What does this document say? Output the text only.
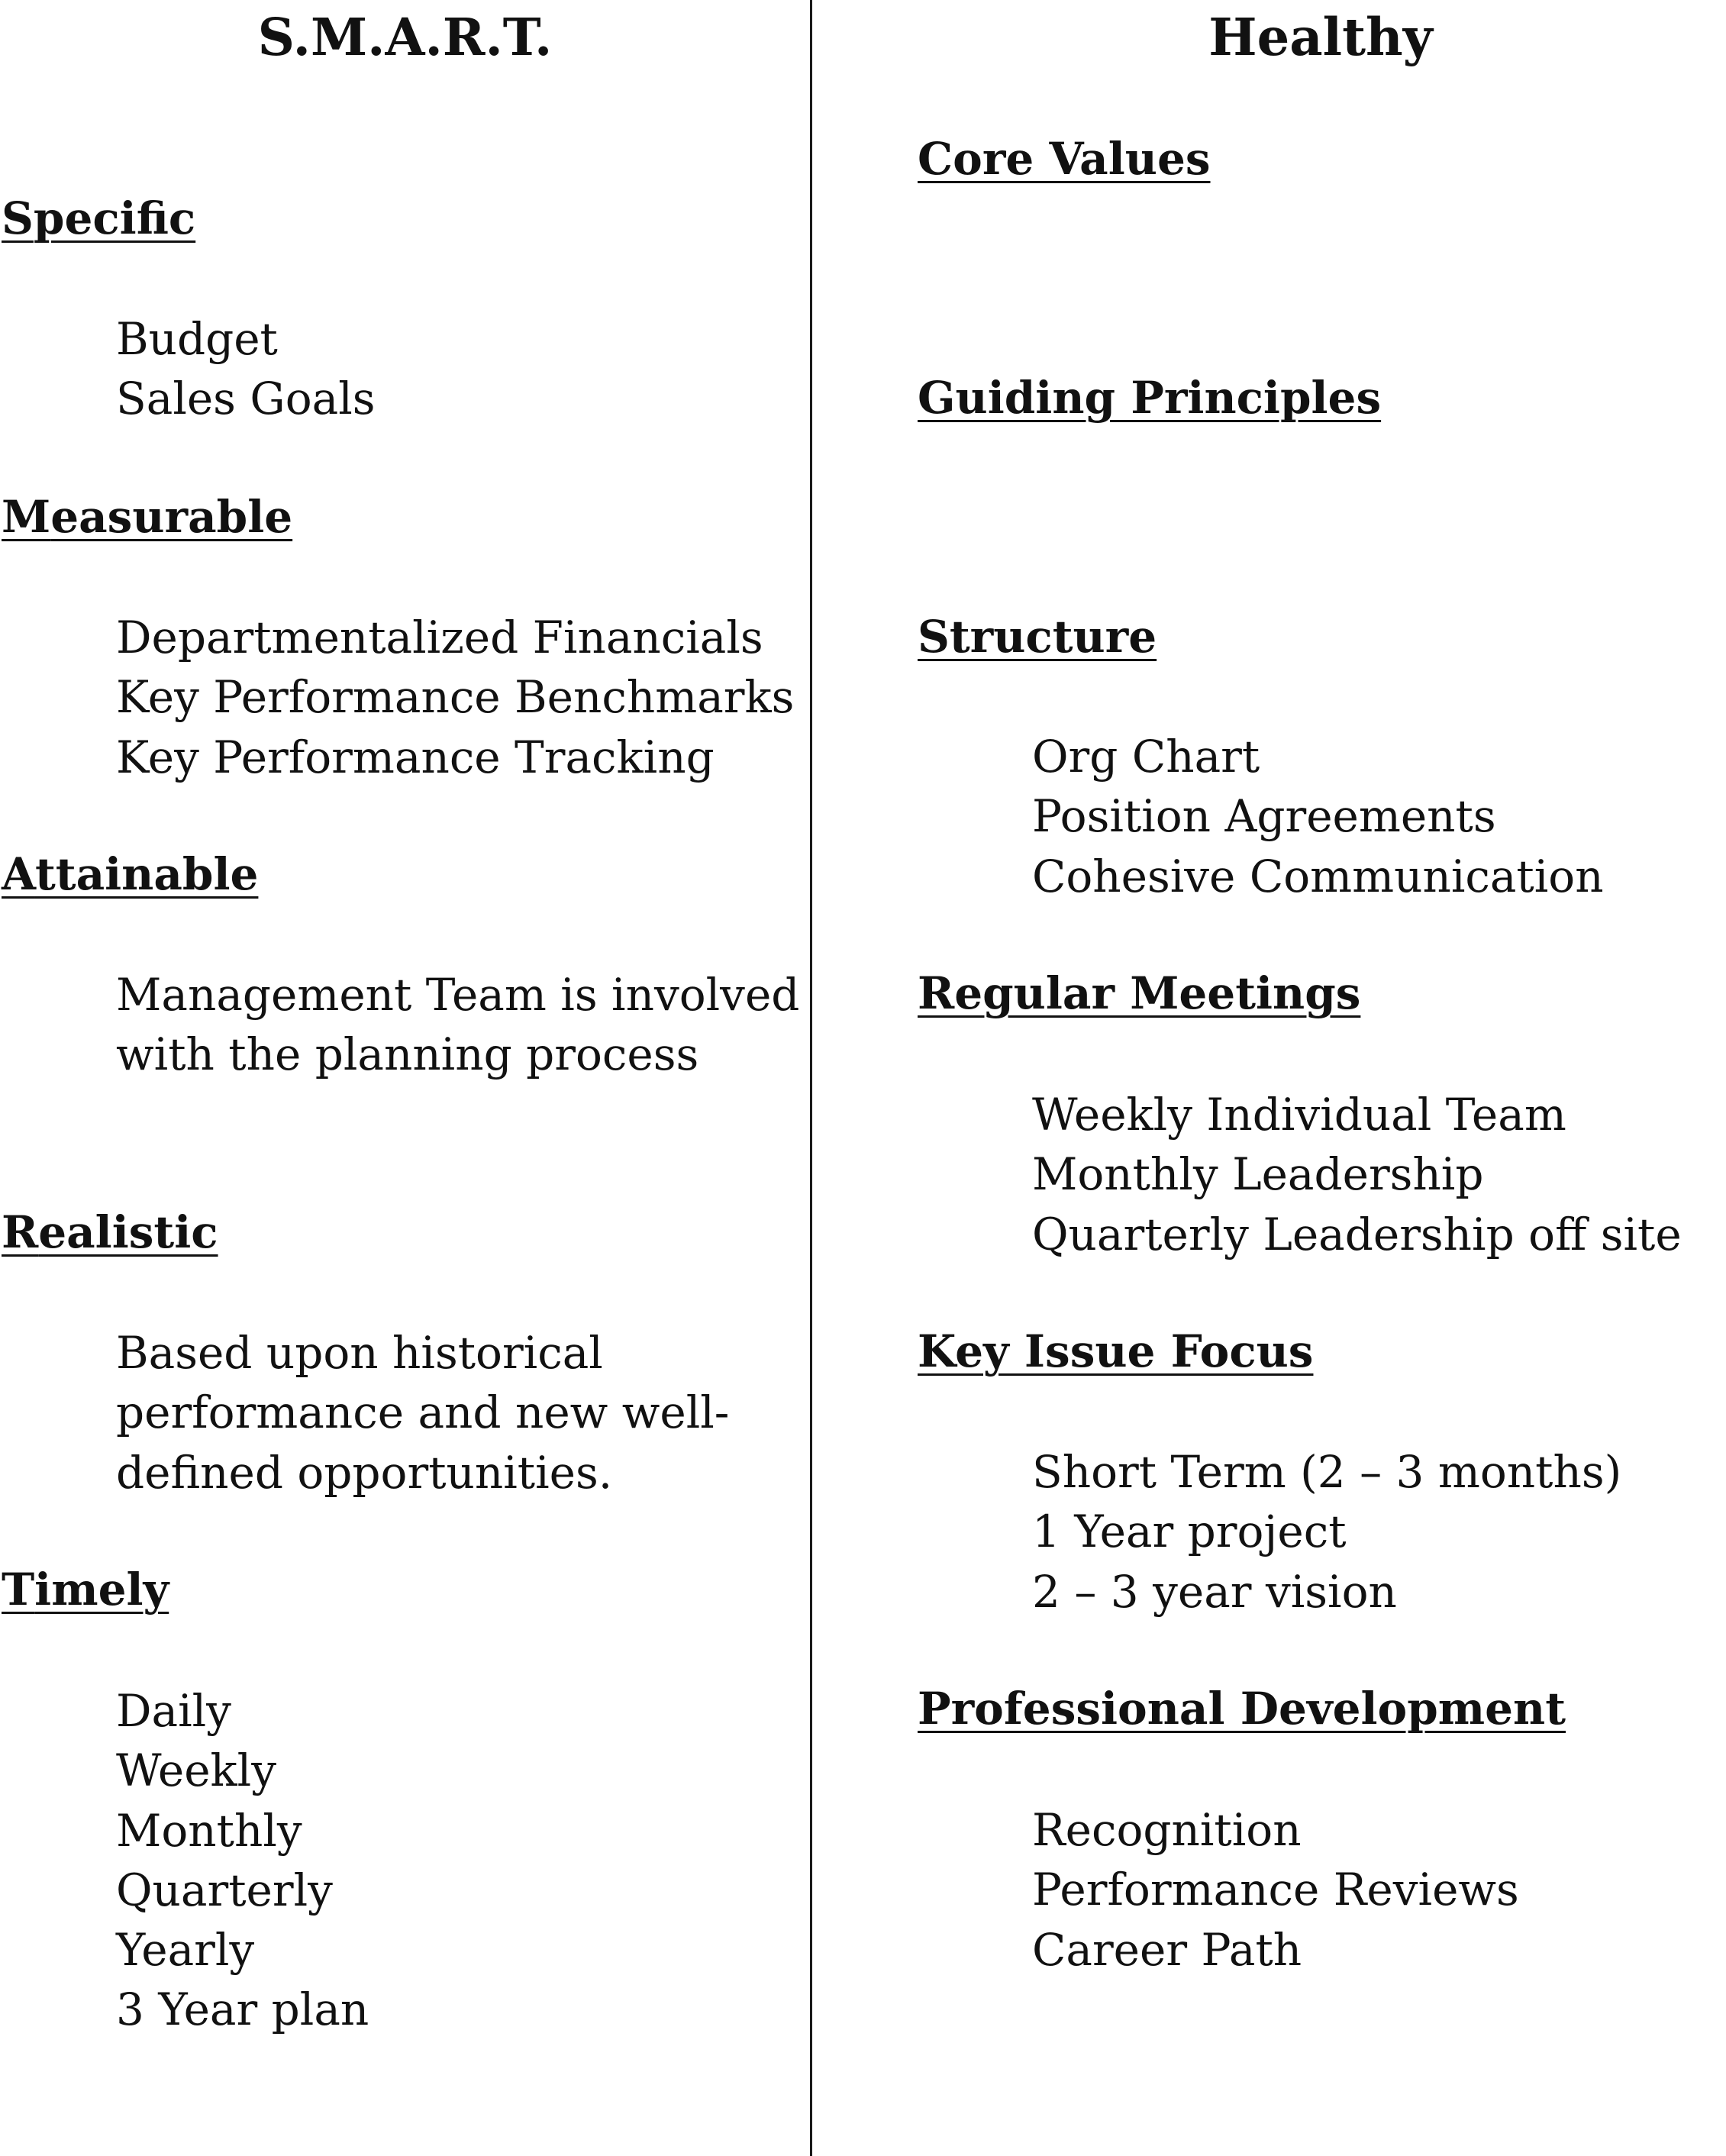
S.M.A.R.T.
Specific
Budget
Sales Goals
Measurable
Departmentalized Financials
Key Performance Benchmarks
Key Performance Tracking
Attainable
Management Team is involved
with the planning process
Realistic
Based upon historical
performance and new well-
defined opportunities.
Timely
Daily
Weekly
Monthly
Quarterly
Yearly
3 Year plan
Healthy
Core Values
Guiding Principles
Structure
Org Chart
Position Agreements
Cohesive Communication
Regular Meetings
Weekly Individual Team
Monthly Leadership
Quarterly Leadership off site
Key Issue Focus
Short Term (2 – 3 months)
1 Year project
2 – 3 year vision
Professional Development
Recognition
Performance Reviews
Career Path
